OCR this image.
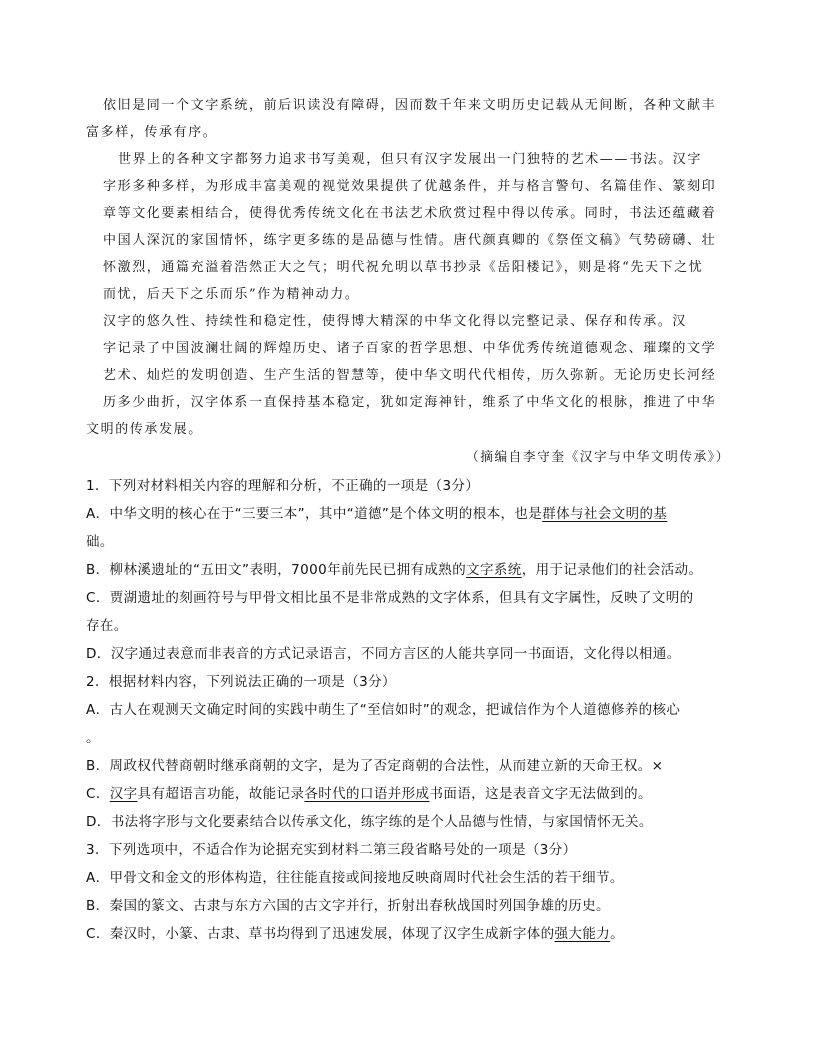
依旧是同一个文字系统，前后识读没有障碍，因而数千年来文明历史记载从无间断，各种文献丰
富多样，传承有序。
世界上的各种文字都努力追求书写美观，但只有汉字发展出一门独特的艺术——书法。汉字
字形多种多样，为形成丰富美观的视觉效果提供了优越条件，并与格言警句、名篇佳作、篆刻印
章等文化要素相结合，使得优秀传统文化在书法艺术欣赏过程中得以传承。同时，书法还蕴藏着
中国人深沉的家国情怀，练字更多练的是品德与性情。唐代颜真卿的《祭侄文稿》气势磅礴、壮
怀激烈，通篇充溢着浩然正大之气；明代祝允明以草书抄录《岳阳楼记》，则是将“先天下之忧
而忧，后天下之乐而乐”作为精神动力。
汉字的悠久性、持续性和稳定性，使得博大精深的中华文化得以完整记录、保存和传承。汉
字记录了中国波澜壮阔的辉煌历史、诸子百家的哲学思想、中华优秀传统道德观念、璀璨的文学
艺术、灿烂的发明创造、生产生活的智慧等，使中华文明代代相传，历久弥新。无论历史长河经
历多少曲折，汉字体系一直保持基本稳定，犹如定海神针，维系了中华文化的根脉，推进了中华
文明的传承发展。
（摘编自李守奎《汉字与中华文明传承》）
1．下列对材料相关内容的理解和分析，不正确的一项是（3分）
A．中华文明的核心在于“三要三本”，其中“道德”是个体文明的根本，也是群体与社会文明的基
础。
B．柳林溪遗址的“五田文”表明，7000年前先民已拥有成熟的文字系统，用于记录他们的社会活动。
C．贾湖遗址的刻画符号与甲骨文相比虽不是非常成熟的文字体系，但具有文字属性，反映了文明的
存在。
D．汉字通过表意而非表音的方式记录语言，不同方言区的人能共享同一书面语，文化得以相通。
2．根据材料内容，下列说法正确的一项是（3分）
A．古人在观测天文确定时间的实践中萌生了“至信如时”的观念，把诚信作为个人道德修养的核心
。
B．周政权代替商朝时继承商朝的文字，是为了否定商朝的合法性，从而建立新的天命王权。×
C．汉字具有超语言功能，故能记录各时代的口语并形成书面语，这是表音文字无法做到的。
D．书法将字形与文化要素结合以传承文化，练字练的是个人品德与性情，与家国情怀无关。
3．下列选项中，不适合作为论据充实到材料二第三段省略号处的一项是（3分）
A．甲骨文和金文的形体构造，往往能直接或间接地反映商周时代社会生活的若干细节。
B．秦国的篆文、古隶与东方六国的古文字并行，折射出春秋战国时列国争雄的历史。
C．秦汉时，小篆、古隶、草书均得到了迅速发展，体现了汉字生成新字体的强大能力。
